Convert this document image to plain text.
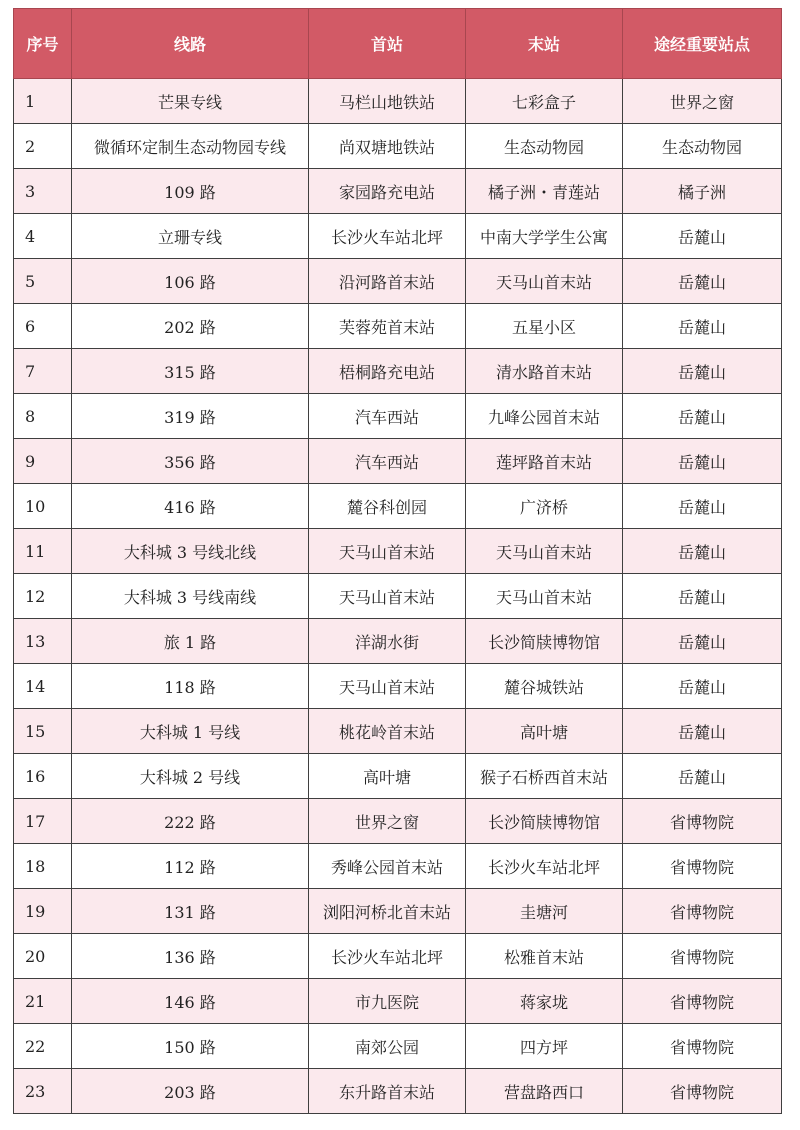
序号	线路	首站	末站	途经重要站点
1	芒果专线	马栏山地铁站	七彩盒子	世界之窗
2	微循环定制生态动物园专线	尚双塘地铁站	生态动物园	生态动物园
3	109 路	家园路充电站	橘子洲・青莲站	橘子洲
4	立珊专线	长沙火车站北坪	中南大学学生公寓	岳麓山
5	106 路	沿河路首末站	天马山首末站	岳麓山
6	202 路	芙蓉苑首末站	五星小区	岳麓山
7	315 路	梧桐路充电站	清水路首末站	岳麓山
8	319 路	汽车西站	九峰公园首末站	岳麓山
9	356 路	汽车西站	莲坪路首末站	岳麓山
10	416 路	麓谷科创园	广济桥	岳麓山
11	大科城 3 号线北线	天马山首末站	天马山首末站	岳麓山
12	大科城 3 号线南线	天马山首末站	天马山首末站	岳麓山
13	旅 1 路	洋湖水街	长沙简牍博物馆	岳麓山
14	118 路	天马山首末站	麓谷城铁站	岳麓山
15	大科城 1 号线	桃花岭首末站	高叶塘	岳麓山
16	大科城 2 号线	高叶塘	猴子石桥西首末站	岳麓山
17	222 路	世界之窗	长沙简牍博物馆	省博物院
18	112 路	秀峰公园首末站	长沙火车站北坪	省博物院
19	131 路	浏阳河桥北首末站	圭塘河	省博物院
20	136 路	长沙火车站北坪	松雅首末站	省博物院
21	146 路	市九医院	蒋家垅	省博物院
22	150 路	南郊公园	四方坪	省博物院
23	203 路	东升路首末站	营盘路西口	省博物院
